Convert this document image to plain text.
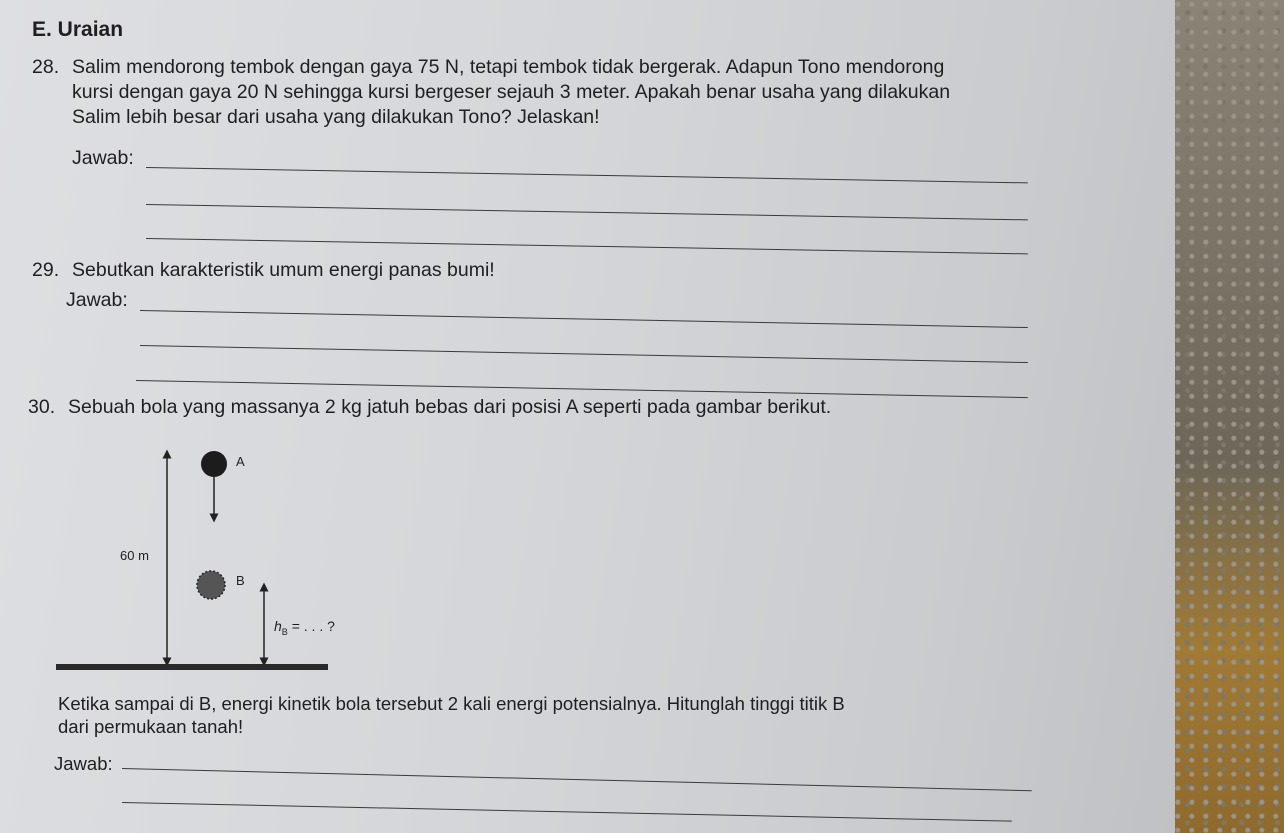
E. Uraian
28. Salim mendorong tembok dengan gaya 75 N, tetapi tembok tidak bergerak. Adapun Tono mendorong
kursi dengan gaya 20 N sehingga kursi bergeser sejauh 3 meter. Apakah benar usaha yang dilakukan
Salim lebih besar dari usaha yang dilakukan Tono? Jelaskan!
Jawab:
29. Sebutkan karakteristik umum energi panas bumi!
Jawab:
30. Sebuah bola yang massanya 2 kg jatuh bebas dari posisi A seperti pada gambar berikut.
A
B
60 m
$h_B$ = . . . ?
Ketika sampai di B, energi kinetik bola tersebut 2 kali energi potensialnya. Hitunglah tinggi titik B
dari permukaan tanah!
Jawab:
